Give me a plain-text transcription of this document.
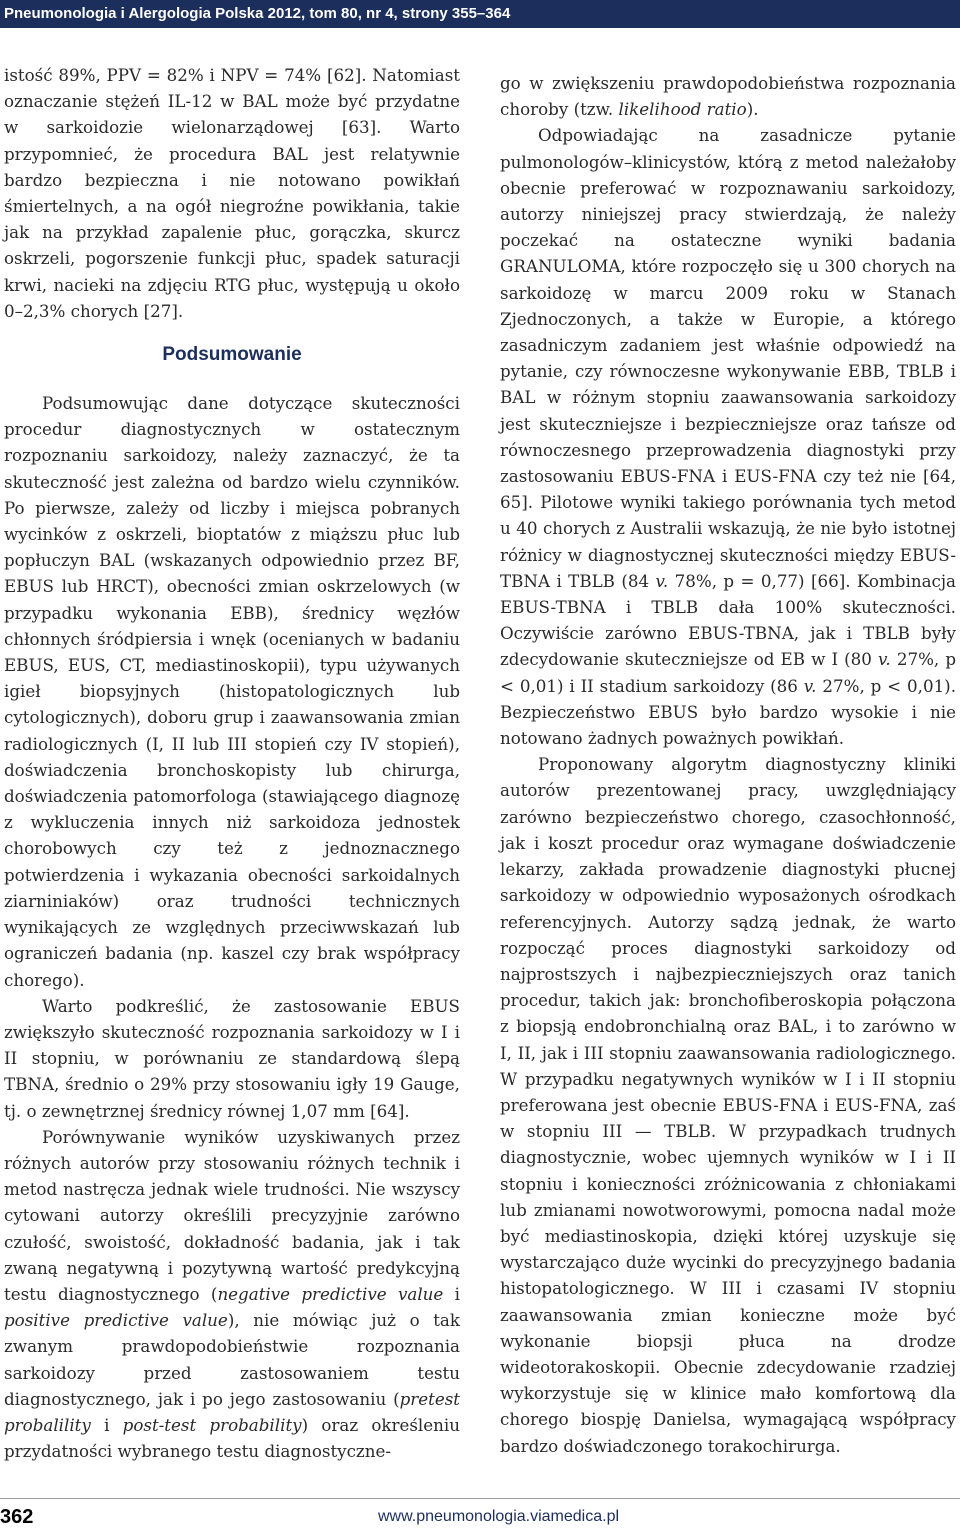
Pneumonologia i Alergologia Polska 2012, tom 80, nr 4, strony 355–364

istość 89%, PPV = 82% i NPV = 74% [62]. Natomiast oznaczanie stężeń IL-12 w BAL może być przydatne w sarkoidozie wielonarządowej [63]. Warto przypomnieć, że procedura BAL jest relatywnie bardzo bezpieczna i nie notowano powikłań śmiertelnych, a na ogół niegroźne powikłania, takie jak na przykład zapalenie płuc, gorączka, skurcz oskrzeli, pogorszenie funkcji płuc, spadek saturacji krwi, nacieki na zdjęciu RTG płuc, występują u około 0–2,3% chorych [27].

Podsumowanie

Podsumowując dane dotyczące skuteczności procedur diagnostycznych w ostatecznym rozpoznaniu sarkoidozy, należy zaznaczyć, że ta skuteczność jest zależna od bardzo wielu czynników. Po pierwsze, zależy od liczby i miejsca pobranych wycinków z oskrzeli, bioptatów z miąższu płuc lub popłuczyn BAL (wskazanych odpowiednio przez BF, EBUS lub HRCT), obecności zmian oskrzelowych (w przypadku wykonania EBB), średnicy węzłów chłonnych śródpiersia i wnęk (ocenianych w badaniu EBUS, EUS, CT, mediastinoskopii), typu używanych igieł biopsyjnych (histopatologicznych lub cytologicznych), doboru grup i zaawansowania zmian radiologicznych (I, II lub III stopień czy IV stopień), doświadczenia bronchoskopisty lub chirurga, doświadczenia patomorfologa (stawiającego diagnozę z wykluczenia innych niż sarkoidoza jednostek chorobowych czy też z jednoznacznego potwierdzenia i wykazania obecności sarkoidalnych ziarniniaków) oraz trudności technicznych wynikających ze względnych przeciwwskazań lub ograniczeń badania (np. kaszel czy brak współpracy chorego).

Warto podkreślić, że zastosowanie EBUS zwiększyło skuteczność rozpoznania sarkoidozy w I i II stopniu, w porównaniu ze standardową ślepą TBNA, średnio o 29% przy stosowaniu igły 19 Gauge, tj. o zewnętrznej średnicy równej 1,07 mm [64].

Porównywanie wyników uzyskiwanych przez różnych autorów przy stosowaniu różnych technik i metod nastręcza jednak wiele trudności. Nie wszyscy cytowani autorzy określili precyzyjnie zarówno czułość, swoistość, dokładność badania, jak i tak zwaną negatywną i pozytywną wartość predykcyjną testu diagnostycznego (negative predictive value i positive predictive value), nie mówiąc już o tak zwanym prawdopodobieństwie rozpoznania sarkoidozy przed zastosowaniem testu diagnostycznego, jak i po jego zastosowaniu (pretest probalility i post-test probability) oraz określeniu przydatności wybranego testu diagnostyczne-

go w zwiększeniu prawdopodobieństwa rozpoznania choroby (tzw. likelihood ratio).

Odpowiadając na zasadnicze pytanie pulmonologów–klinicystów, którą z metod należałoby obecnie preferować w rozpoznawaniu sarkoidozy, autorzy niniejszej pracy stwierdzają, że należy poczekać na ostateczne wyniki badania GRANULOMA, które rozpoczęło się u 300 chorych na sarkoidozę w marcu 2009 roku w Stanach Zjednoczonych, a także w Europie, a którego zasadniczym zadaniem jest właśnie odpowiedź na pytanie, czy równoczesne wykonywanie EBB, TBLB i BAL w różnym stopniu zaawansowania sarkoidozy jest skuteczniejsze i bezpieczniejsze oraz tańsze od równoczesnego przeprowadzenia diagnostyki przy zastosowaniu EBUS-FNA i EUS-FNA czy też nie [64, 65]. Pilotowe wyniki takiego porównania tych metod u 40 chorych z Australii wskazują, że nie było istotnej różnicy w diagnostycznej skuteczności między EBUS-TBNA i TBLB (84 v. 78%, p = 0,77) [66]. Kombinacja EBUS-TBNA i TBLB dała 100% skuteczności. Oczywiście zarówno EBUS-TBNA, jak i TBLB były zdecydowanie skuteczniejsze od EB w I (80 v. 27%, p < 0,01) i II stadium sarkoidozy (86 v. 27%, p < 0,01). Bezpieczeństwo EBUS było bardzo wysokie i nie notowano żadnych poważnych powikłań.

Proponowany algorytm diagnostyczny kliniki autorów prezentowanej pracy, uwzględniający zarówno bezpieczeństwo chorego, czasochłonność, jak i koszt procedur oraz wymagane doświadczenie lekarzy, zakłada prowadzenie diagnostyki płucnej sarkoidozy w odpowiednio wyposażonych ośrodkach referencyjnych. Autorzy sądzą jednak, że warto rozpocząć proces diagnostyki sarkoidozy od najprostszych i najbezpieczniejszych oraz tanich procedur, takich jak: bronchofiberoskopia połączona z biopsją endobronchialną oraz BAL, i to zarówno w I, II, jak i III stopniu zaawansowania radiologicznego. W przypadku negatywnych wyników w I i II stopniu preferowana jest obecnie EBUS-FNA i EUS-FNA, zaś w stopniu III — TBLB. W przypadkach trudnych diagnostycznie, wobec ujemnych wyników w I i II stopniu i konieczności zróżnicowania z chłoniakami lub zmianami nowotworowymi, pomocna nadal może być mediastinoskopia, dzięki której uzyskuje się wystarczająco duże wycinki do precyzyjnego badania histopatologicznego. W III i czasami IV stopniu zaawansowania zmian konieczne może być wykonanie biopsji płuca na drodze wideotorakoskopii. Obecnie zdecydowanie rzadziej wykorzystuje się w klinice mało komfortową dla chorego biospję Danielsa, wymagającą współpracy bardzo doświadczonego torakochirurga.

362	www.pneumonologia.viamedica.pl
